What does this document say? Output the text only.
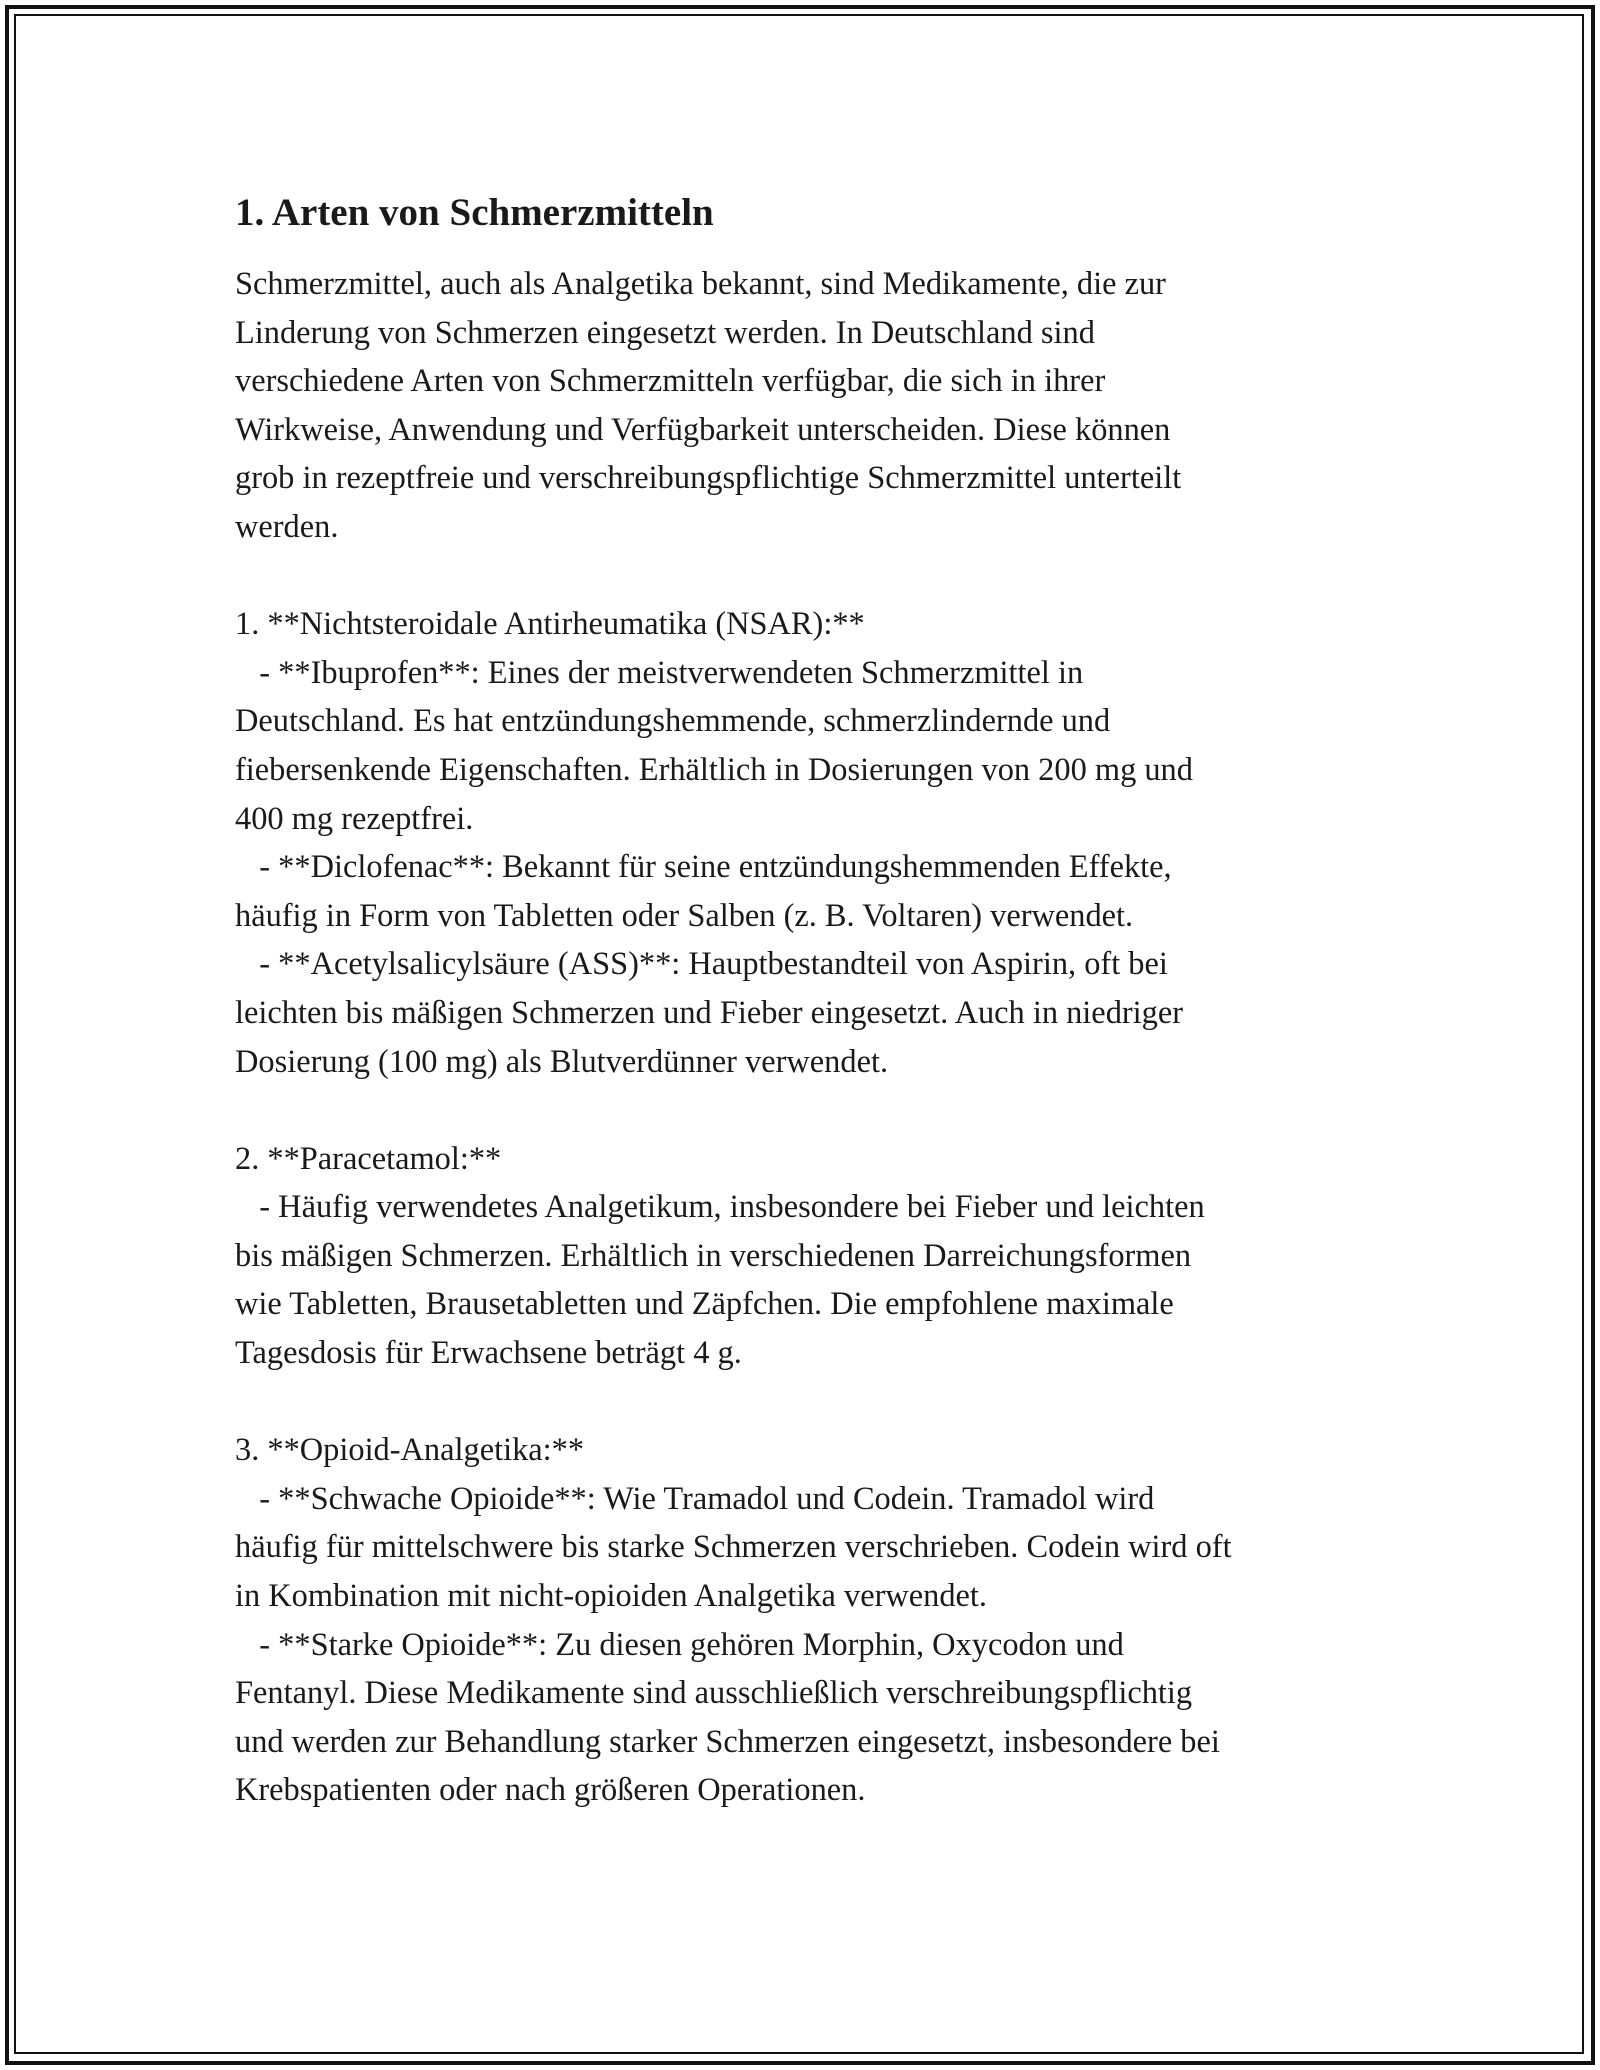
1. Arten von Schmerzmitteln

Schmerzmittel, auch als Analgetika bekannt, sind Medikamente, die zur
Linderung von Schmerzen eingesetzt werden. In Deutschland sind
verschiedene Arten von Schmerzmitteln verfügbar, die sich in ihrer
Wirkweise, Anwendung und Verfügbarkeit unterscheiden. Diese können
grob in rezeptfreie und verschreibungspflichtige Schmerzmittel unterteilt
werden.

1. **Nichtsteroidale Antirheumatika (NSAR):**
- **Ibuprofen**: Eines der meistverwendeten Schmerzmittel in
Deutschland. Es hat entzündungshemmende, schmerzlindernde und
fiebersenkende Eigenschaften. Erhältlich in Dosierungen von 200 mg und
400 mg rezeptfrei.
- **Diclofenac**: Bekannt für seine entzündungshemmenden Effekte,
häufig in Form von Tabletten oder Salben (z. B. Voltaren) verwendet.
- **Acetylsalicylsäure (ASS)**: Hauptbestandteil von Aspirin, oft bei
leichten bis mäßigen Schmerzen und Fieber eingesetzt. Auch in niedriger
Dosierung (100 mg) als Blutverdünner verwendet.

2. **Paracetamol:**
- Häufig verwendetes Analgetikum, insbesondere bei Fieber und leichten
bis mäßigen Schmerzen. Erhältlich in verschiedenen Darreichungsformen
wie Tabletten, Brausetabletten und Zäpfchen. Die empfohlene maximale
Tagesdosis für Erwachsene beträgt 4 g.

3. **Opioid-Analgetika:**
- **Schwache Opioide**: Wie Tramadol und Codein. Tramadol wird
häufig für mittelschwere bis starke Schmerzen verschrieben. Codein wird oft
in Kombination mit nicht-opioiden Analgetika verwendet.
- **Starke Opioide**: Zu diesen gehören Morphin, Oxycodon und
Fentanyl. Diese Medikamente sind ausschließlich verschreibungspflichtig
und werden zur Behandlung starker Schmerzen eingesetzt, insbesondere bei
Krebspatienten oder nach größeren Operationen.
